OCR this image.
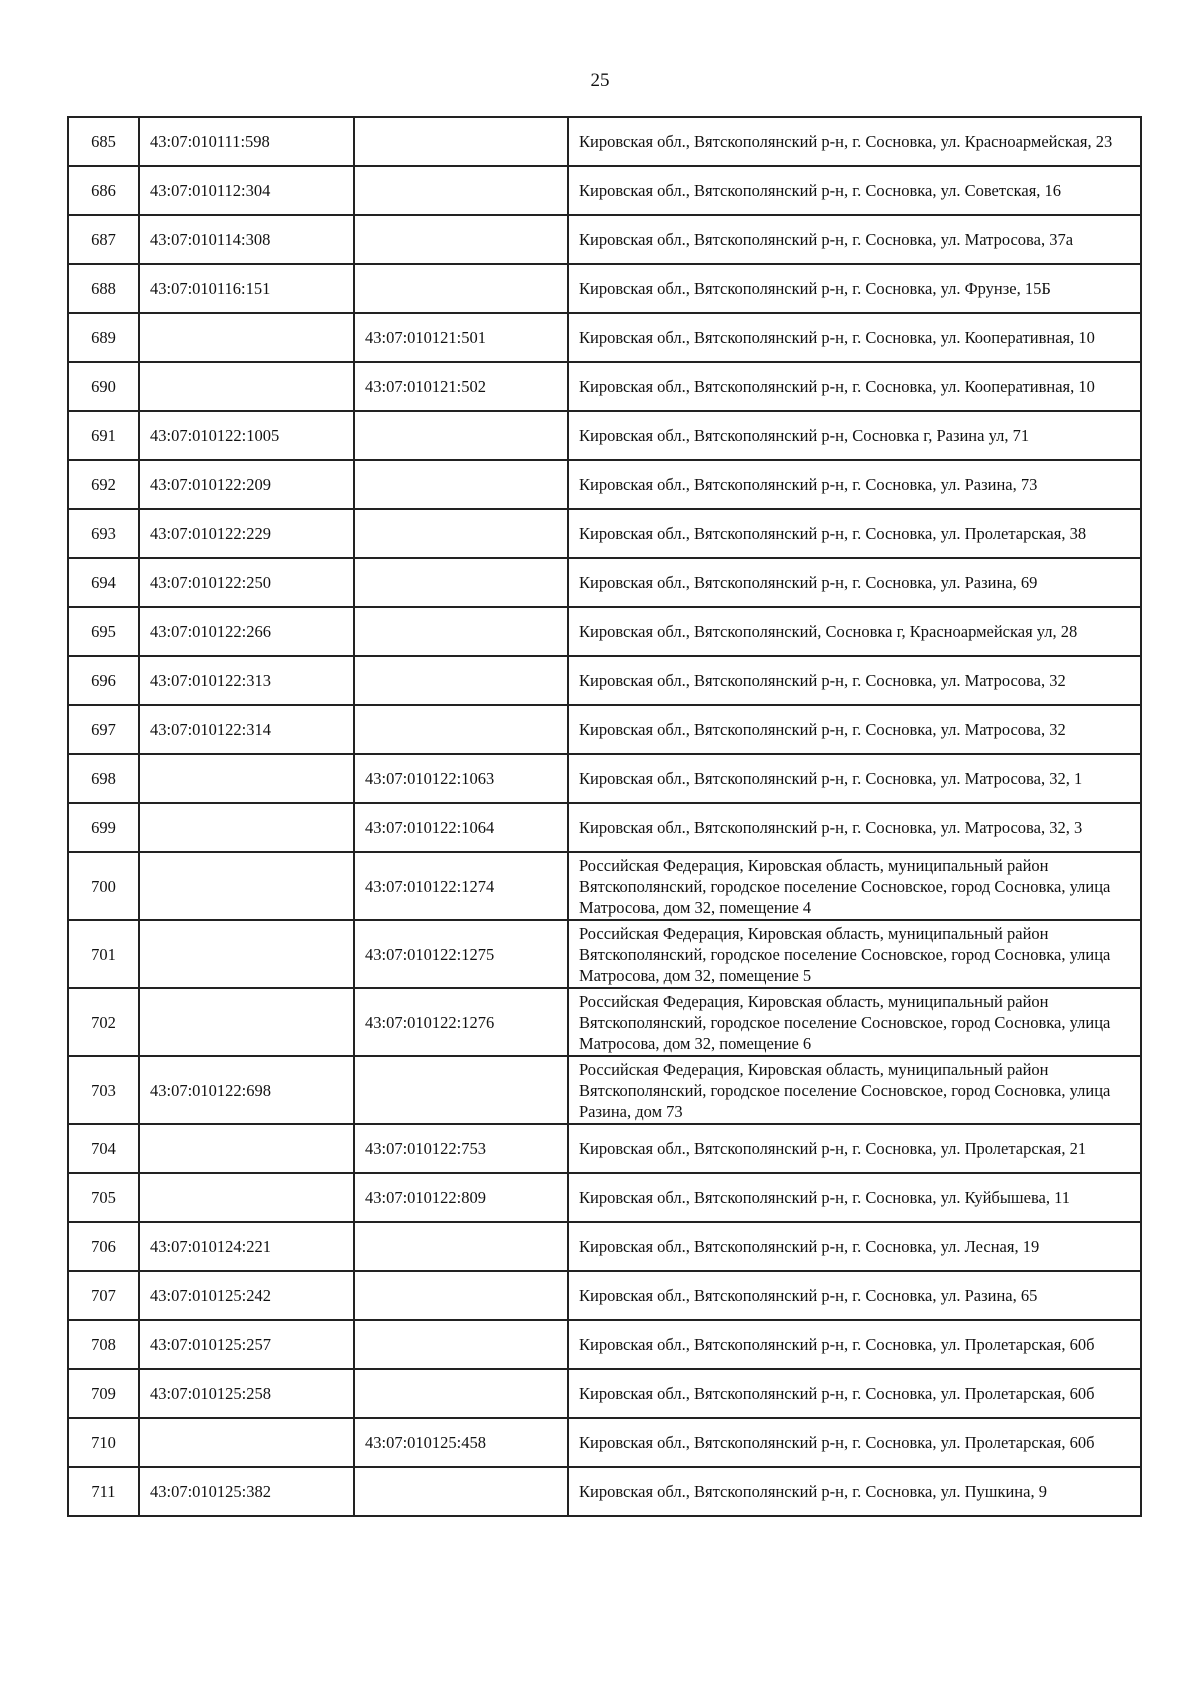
25
685	43:07:010111:598		Кировская обл., Вятскополянский р-н, г. Сосновка, ул. Красноармейская, 23
686	43:07:010112:304		Кировская обл., Вятскополянский р-н, г. Сосновка, ул. Советская, 16
687	43:07:010114:308		Кировская обл., Вятскополянский р-н, г. Сосновка, ул. Матросова, 37а
688	43:07:010116:151		Кировская обл., Вятскополянский р-н, г. Сосновка, ул. Фрунзе, 15Б
689		43:07:010121:501	Кировская обл., Вятскополянский р-н, г. Сосновка, ул. Кооперативная, 10
690		43:07:010121:502	Кировская обл., Вятскополянский р-н, г. Сосновка, ул. Кооперативная, 10
691	43:07:010122:1005		Кировская обл., Вятскополянский р-н, Сосновка г, Разина ул, 71
692	43:07:010122:209		Кировская обл., Вятскополянский р-н, г. Сосновка, ул. Разина, 73
693	43:07:010122:229		Кировская обл., Вятскополянский р-н, г. Сосновка, ул. Пролетарская, 38
694	43:07:010122:250		Кировская обл., Вятскополянский р-н, г. Сосновка, ул. Разина, 69
695	43:07:010122:266		Кировская обл., Вятскополянский, Сосновка г, Красноармейская ул, 28
696	43:07:010122:313		Кировская обл., Вятскополянский р-н, г. Сосновка, ул. Матросова, 32
697	43:07:010122:314		Кировская обл., Вятскополянский р-н, г. Сосновка, ул. Матросова, 32
698		43:07:010122:1063	Кировская обл., Вятскополянский р-н, г. Сосновка, ул. Матросова, 32, 1
699		43:07:010122:1064	Кировская обл., Вятскополянский р-н, г. Сосновка, ул. Матросова, 32, 3
700		43:07:010122:1274	Российская Федерация, Кировская область, муниципальный район Вятскополянский, городское поселение Сосновское, город Сосновка, улица Матросова, дом 32, помещение 4
701		43:07:010122:1275	Российская Федерация, Кировская область, муниципальный район Вятскополянский, городское поселение Сосновское, город Сосновка, улица Матросова, дом 32, помещение 5
702		43:07:010122:1276	Российская Федерация, Кировская область, муниципальный район Вятскополянский, городское поселение Сосновское, город Сосновка, улица Матросова, дом 32, помещение 6
703	43:07:010122:698		Российская Федерация, Кировская область, муниципальный район Вятскополянский, городское поселение Сосновское, город Сосновка, улица Разина, дом 73
704		43:07:010122:753	Кировская обл., Вятскополянский р-н, г. Сосновка, ул. Пролетарская, 21
705		43:07:010122:809	Кировская обл., Вятскополянский р-н, г. Сосновка, ул. Куйбышева, 11
706	43:07:010124:221		Кировская обл., Вятскополянский р-н, г. Сосновка, ул. Лесная, 19
707	43:07:010125:242		Кировская обл., Вятскополянский р-н, г. Сосновка, ул. Разина, 65
708	43:07:010125:257		Кировская обл., Вятскополянский р-н, г. Сосновка, ул. Пролетарская, 60б
709	43:07:010125:258		Кировская обл., Вятскополянский р-н, г. Сосновка, ул. Пролетарская, 60б
710		43:07:010125:458	Кировская обл., Вятскополянский р-н, г. Сосновка, ул. Пролетарская, 60б
711	43:07:010125:382		Кировская обл., Вятскополянский р-н, г. Сосновка, ул. Пушкина, 9
